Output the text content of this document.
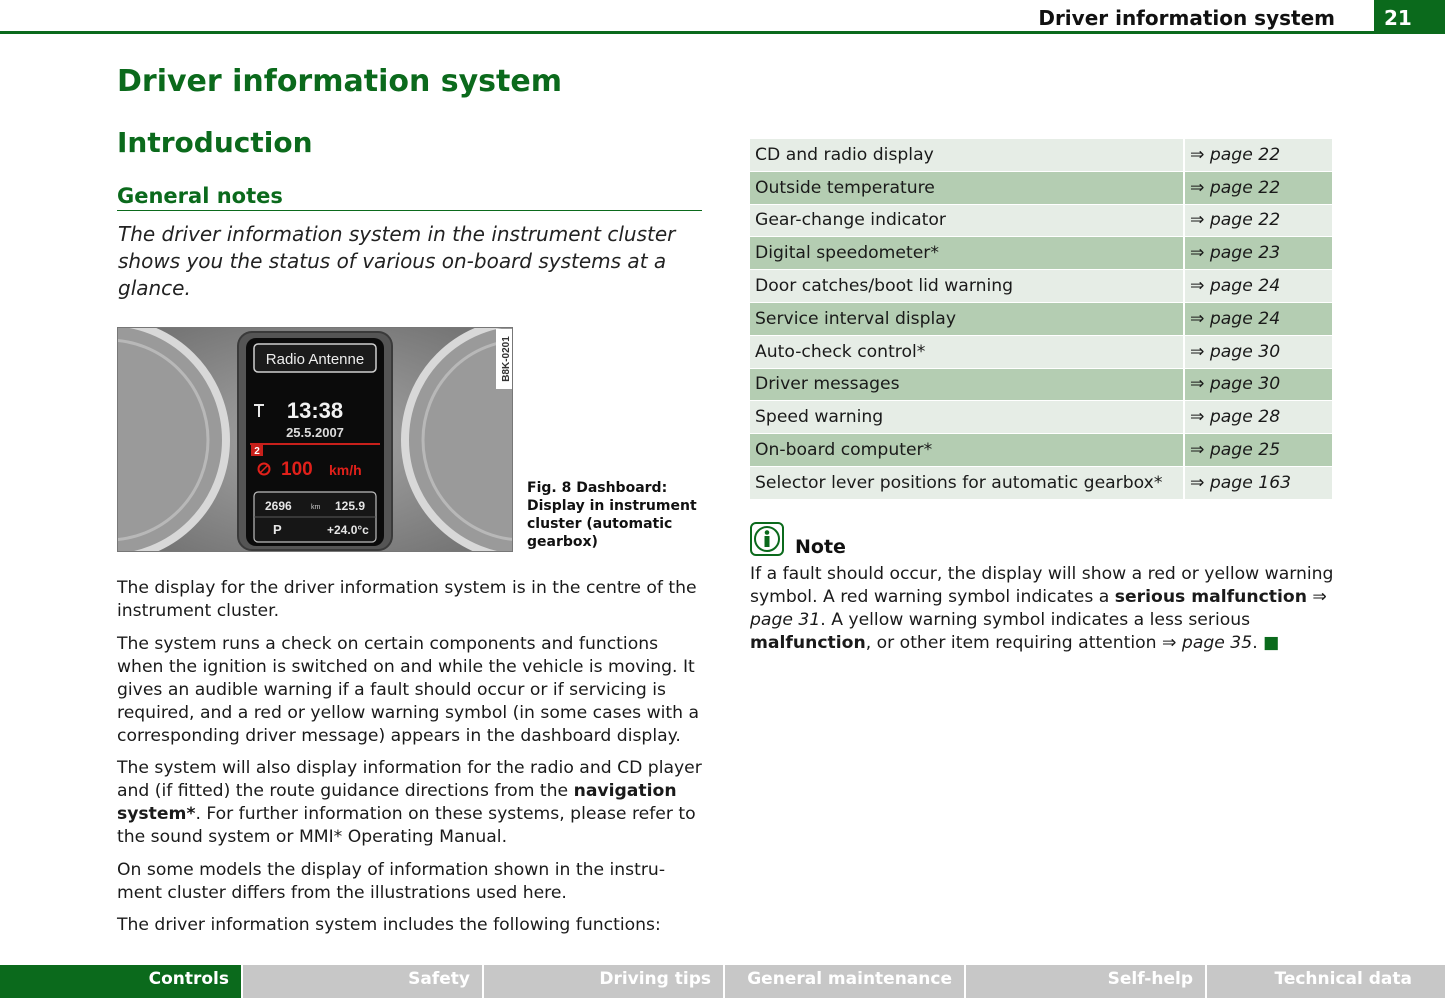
Driver information system	21
Driver information system
Introduction
General notes
The driver information system in the instrument cluster shows you the status of various on-board systems at a glance.
Radio Antenne
13:38
25.5.2007
2
100 km/h
2696	km 125.9
P	+24.0°c
B8K-0201
Fig. 8 Dashboard: Display in instrument cluster (automatic gearbox)

The display for the driver information system is in the centre of the instrument cluster.

The system runs a check on certain components and functions when the ignition is switched on and while the vehicle is moving. It gives an audible warning if a fault should occur or if servicing is required, and a red or yellow warning symbol (in some cases with a corresponding driver message) appears in the dashboard display.

The system will also display information for the radio and CD player and (if fitted) the route guidance directions from the navigation system*. For further information on these systems, please refer to the sound system or MMI* Operating Manual.

On some models the display of information shown in the instru-ment cluster differs from the illustrations used here.

The driver information system includes the following functions:

CD and radio display	⇒ page 22
Outside temperature	⇒ page 22
Gear-change indicator	⇒ page 22
Digital speedometer*	⇒ page 23
Door catches/boot lid warning	⇒ page 24
Service interval display	⇒ page 24
Auto-check control*	⇒ page 30
Driver messages	⇒ page 30
Speed warning	⇒ page 28
On-board computer*	⇒ page 25
Selector lever positions for automatic gearbox*	⇒ page 163
Note
If a fault should occur, the display will show a red or yellow warning symbol. A red warning symbol indicates a serious malfunction ⇒ page 31. A yellow warning symbol indicates a less serious malfunction, or other item requiring attention ⇒ page 35. ■
Controls	Safety	Driving tips	General maintenance	Self-help	Technical data
